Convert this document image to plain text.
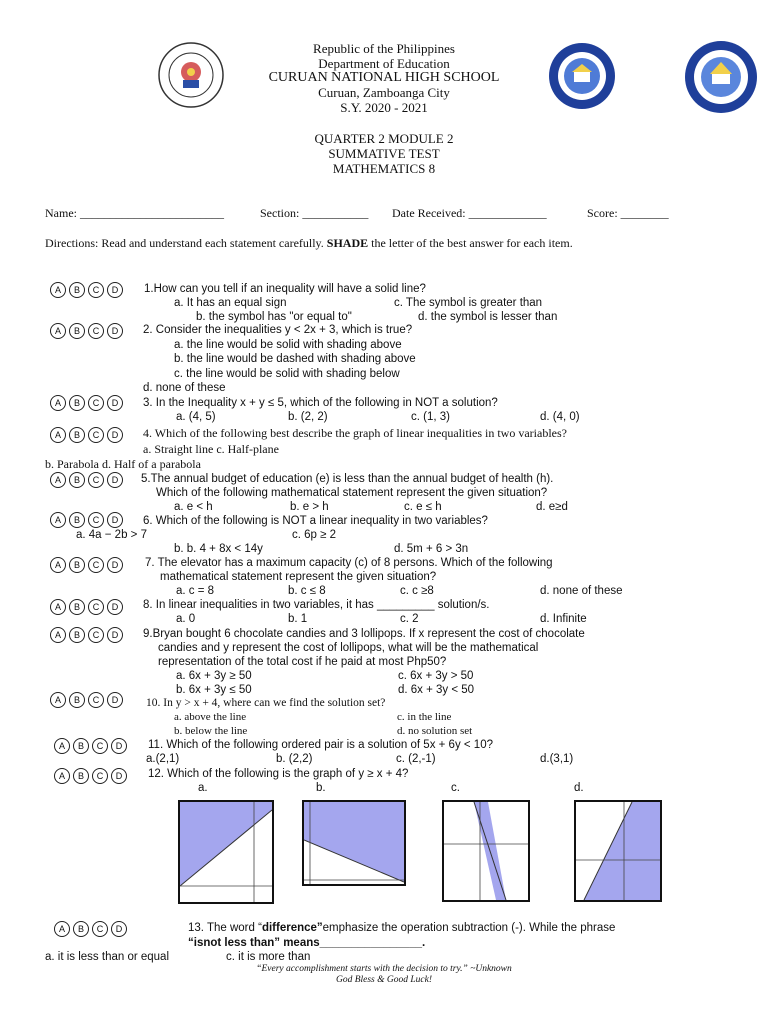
Republic of the Philippines
Department of Education
CURUAN NATIONAL HIGH SCHOOL
Curuan, Zamboanga City
S.Y. 2020 - 2021
QUARTER 2 MODULE 2
SUMMATIVE TEST
MATHEMATICS 8
Name: ________________________	Section: ___________ Date Received: _____________	Score: ________
Directions: Read and understand each statement carefully. SHADE the letter of the best answer for each item.
A	B	C	D
A	B	C	D
A	B	C	D
A	B	C	D
A	B	C	D
A	B	C	D
A	B	C	D
A	B	C	D
A	B	C	D
A	B	C	D
A	B	C	D
A	B	C	D
A	B	C	D
1.How can you tell if an inequality will have a solid line?
a. It has an equal sign	c. The symbol is greater than
b. the symbol has "or equal to"	d. the symbol is lesser than
2. Consider the inequalities y < 2x + 3, which is true?
a. the line would be solid with shading above
b. the line would be dashed with shading above
c. the line would be solid with shading below
d. none of these
3. In the Inequality x + y ≤ 5, which of the following in NOT a solution?
a. (4, 5)	b. (2, 2)	c. (1, 3)	d. (4, 0)
4. Which of the following best describe the graph of linear inequalities in two variables?
a. Straight line c. Half-plane
b. Parabola d. Half of a parabola
5.The annual budget of education (e) is less than the annual budget of health (h).
Which of the following mathematical statement represent the given situation?
a. e < h	b. e > h	c. e ≤ h	d. e≥d
6. Which of the following is NOT a linear inequality in two variables?
a. 4a − 2b > 7	c. 6p ≥ 2
b. b. 4 + 8x < 14y	d. 5m + 6 > 3n
7. The elevator has a maximum capacity (c) of 8 persons. Which of the following
mathematical statement represent the given situation?
a. c = 8	b. c ≤ 8	c. c ≥8	d. none of these
8. In linear inequalities in two variables, it has _________ solution/s.
a. 0	b. 1	c. 2	d. Infinite
9.Bryan bought 6 chocolate candies and 3 lollipops. If x represent the cost of chocolate
candies and y represent the cost of lollipops, what will be the mathematical
representation of the total cost if he paid at most Php50?
a. 6x + 3y ≥ 50	c. 6x + 3y > 50
b. 6x + 3y ≤ 50	d. 6x + 3y < 50
10. In y > x + 4, where can we find the solution set?
a. above the line	c. in the line
b. below the line	d. no solution set
11. Which of the following ordered pair is a solution of 5x + 6y < 10?
a.(2,1)	b. (2,2)	c. (2,-1)	d.(3,1)
12. Which of the following is the graph of y ≥ x + 4?
a.	b.	c.	d.
13. The word “difference”emphasize the operation subtraction (-). While the phrase
“isnot less than” means________________.
a. it is less than or equal	c. it is more than
“Every accomplishment starts with the decision to try.” ~Unknown
God Bless & Good Luck!
